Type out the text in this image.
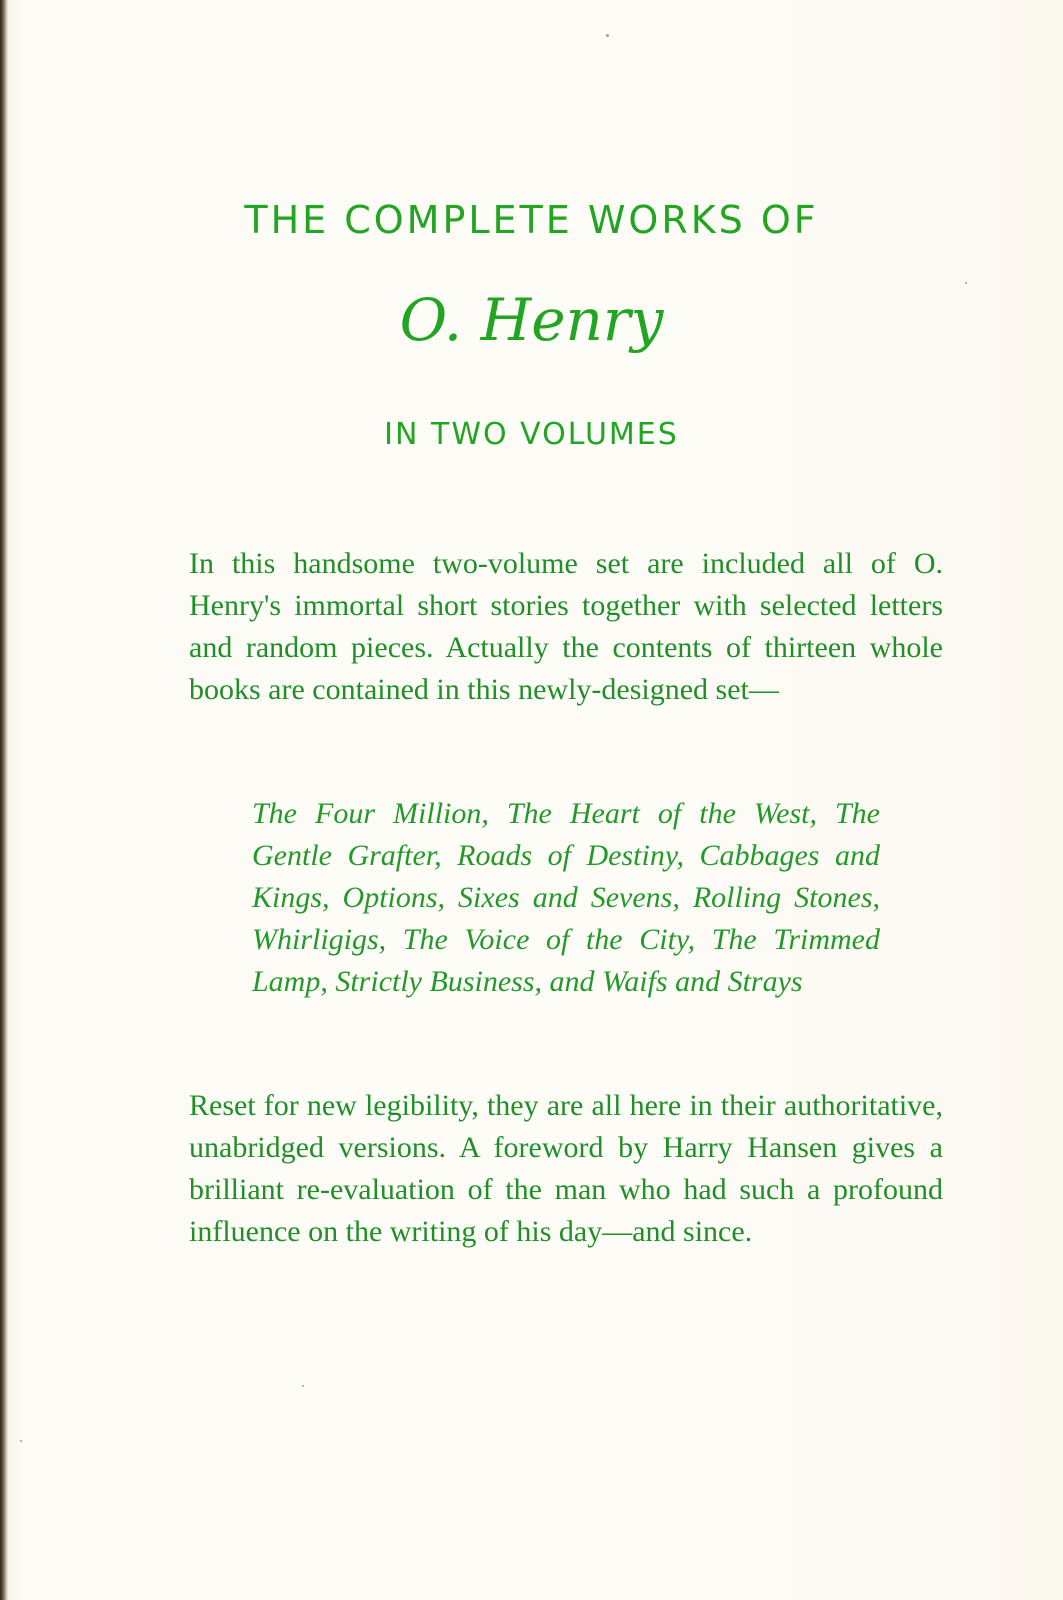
THE COMPLETE WORKS OF
O. Henry
IN TWO VOLUMES

In this handsome two-volume set are included all of O. Henry's immortal short stories together with selected letters and random pieces. Actually the contents of thirteen whole books are contained in this newly-designed set—

The Four Million, The Heart of the West, The Gentle Grafter, Roads of Destiny, Cabbages and Kings, Options, Sixes and Sevens, Rolling Stones, Whirligigs, The Voice of the City, The Trimmed Lamp, Strictly Business, and Waifs and Strays

Reset for new legibility, they are all here in their authoritative, unabridged versions. A foreword by Harry Hansen gives a brilliant re-evaluation of the man who had such a profound influence on the writing of his day—and since.
